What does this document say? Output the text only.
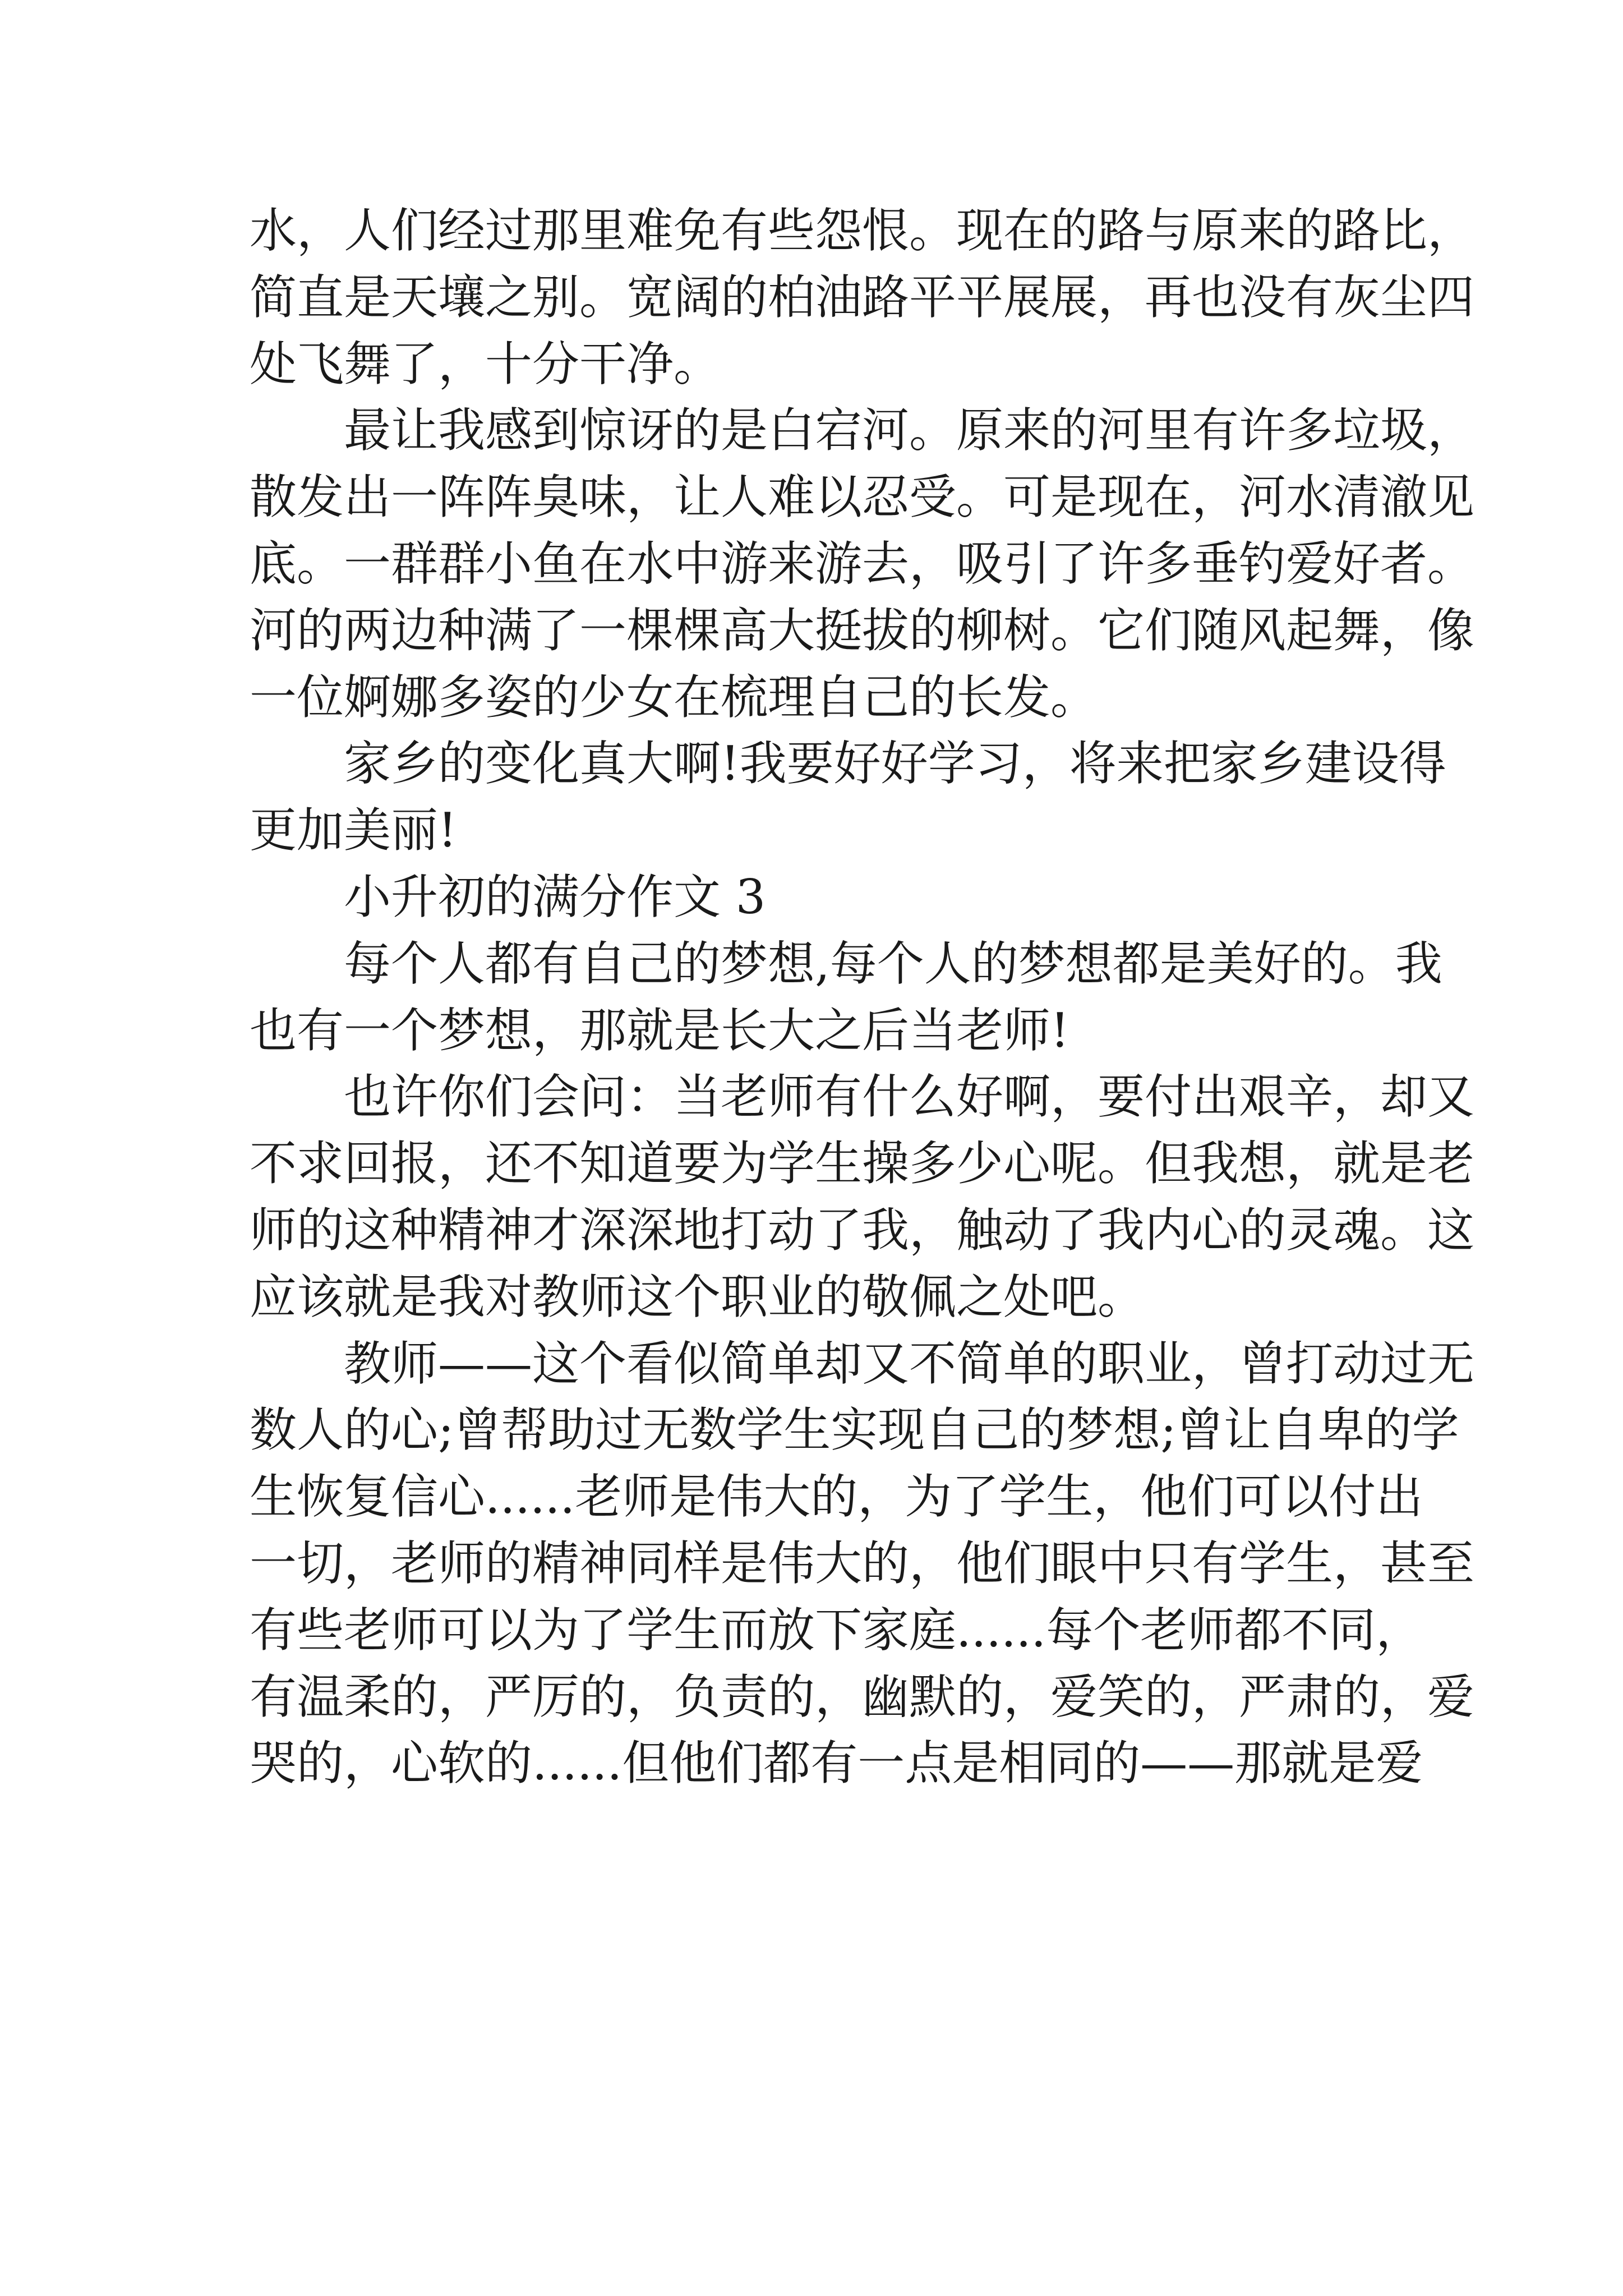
水，人们经过那里难免有些怨恨。现在的路与原来的路比，
简直是天壤之别。宽阔的柏油路平平展展，再也没有灰尘四
处飞舞了，十分干净。
最让我感到惊讶的是白宕河。原来的河里有许多垃圾，
散发出一阵阵臭味，让人难以忍受。可是现在，河水清澈见
底。一群群小鱼在水中游来游去，吸引了许多垂钓爱好者。
河的两边种满了一棵棵高大挺拔的柳树。它们随风起舞，像
一位婀娜多姿的少女在梳理自己的长发。
家乡的变化真大啊!我要好好学习，将来把家乡建设得
更加美丽!
小升初的满分作文 3
每个人都有自己的梦想,每个人的梦想都是美好的。我
也有一个梦想，那就是长大之后当老师!
也许你们会问：当老师有什么好啊，要付出艰辛，却又
不求回报，还不知道要为学生操多少心呢。但我想，就是老
师的这种精神才深深地打动了我，触动了我内心的灵魂。这
应该就是我对教师这个职业的敬佩之处吧。
教师——这个看似简单却又不简单的职业，曾打动过无
数人的心;曾帮助过无数学生实现自己的梦想;曾让自卑的学
生恢复信心......老师是伟大的，为了学生，他们可以付出
一切，老师的精神同样是伟大的，他们眼中只有学生，甚至
有些老师可以为了学生而放下家庭......每个老师都不同，
有温柔的，严厉的，负责的，幽默的，爱笑的，严肃的，爱
哭的，心软的......但他们都有一点是相同的——那就是爱
